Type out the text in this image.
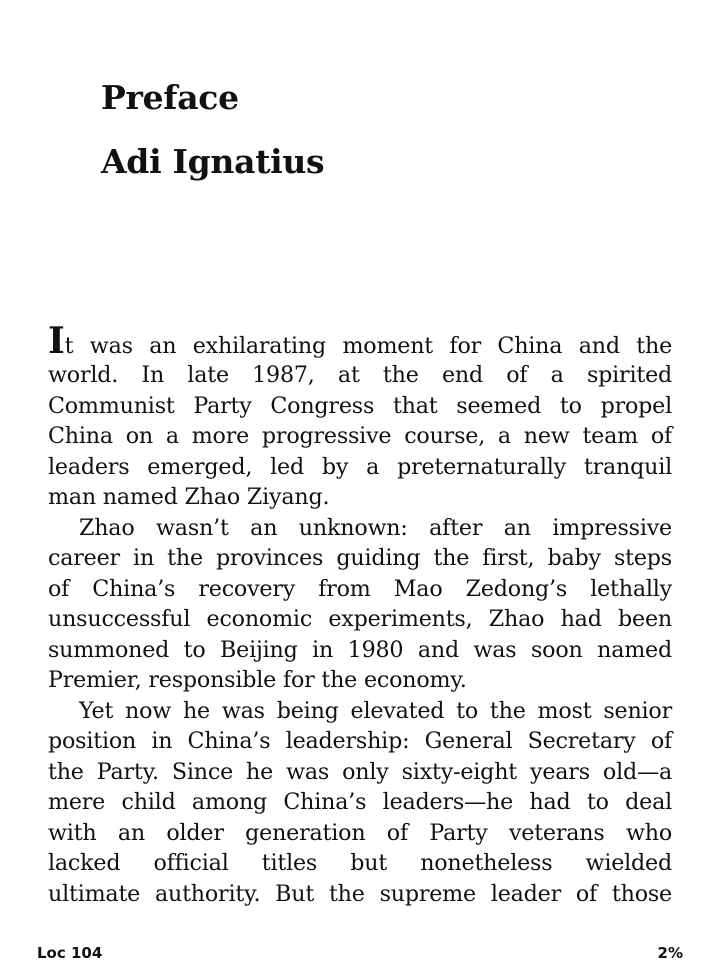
Preface
Adi Ignatius
It was an exhilarating moment for China and the
world. In late 1987, at the end of a spirited
Communist Party Congress that seemed to propel
China on a more progressive course, a new team of
leaders emerged, led by a preternaturally tranquil
man named Zhao Ziyang.
Zhao wasn’t an unknown: after an impressive
career in the provinces guiding the first, baby steps
of China’s recovery from Mao Zedong’s lethally
unsuccessful economic experiments, Zhao had been
summoned to Beijing in 1980 and was soon named
Premier, responsible for the economy.
Yet now he was being elevated to the most senior
position in China’s leadership: General Secretary of
the Party. Since he was only sixty-eight years old—a
mere child among China’s leaders—he had to deal
with an older generation of Party veterans who
lacked official titles but nonetheless wielded
ultimate authority. But the supreme leader of those
Loc 104	2%
